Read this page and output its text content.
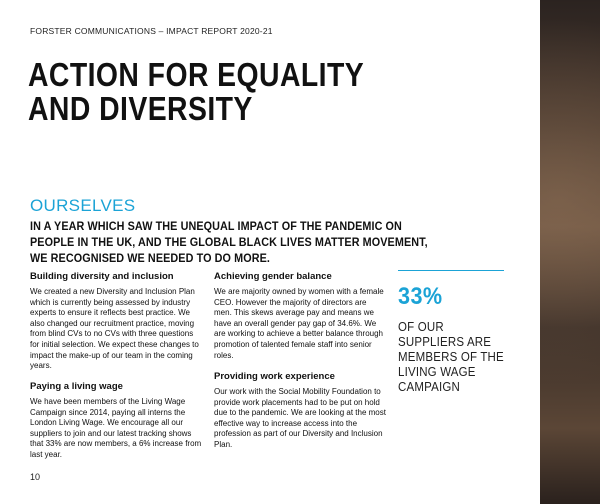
FORSTER COMMUNICATIONS – IMPACT REPORT 2020-21
ACTION FOR EQUALITY
AND DIVERSITY
OURSELVES
IN A YEAR WHICH SAW THE UNEQUAL IMPACT OF THE PANDEMIC ON PEOPLE IN THE UK, AND THE GLOBAL BLACK LIVES MATTER MOVEMENT, WE RECOGNISED WE NEEDED TO DO MORE.
Building diversity and inclusion

We created a new Diversity and Inclusion Plan which is currently being assessed by industry experts to ensure it reflects best practice. We also changed our recruitment practice, moving from blind CVs to no CVs with three questions for initial selection. We expect these changes to impact the make-up of our team in the coming years.

Paying a living wage

We have been members of the Living Wage Campaign since 2014, paying all interns the London Living Wage. We encourage all our suppliers to join and our latest tracking shows that 33% are now members, a 6% increase from last year.

Achieving gender balance

We are majority owned by women with a female CEO. However the majority of directors are men. This skews average pay and means we have an overall gender pay gap of 34.6%. We are working to achieve a better balance through promotion of talented female staff into senior roles.

Providing work experience

Our work with the Social Mobility Foundation to provide work placements had to be put on hold due to the pandemic. We are looking at the most effective way to increase access into the profession as part of our Diversity and Inclusion Plan.

33%
OF OUR SUPPLIERS ARE MEMBERS OF THE LIVING WAGE CAMPAIGN
10
